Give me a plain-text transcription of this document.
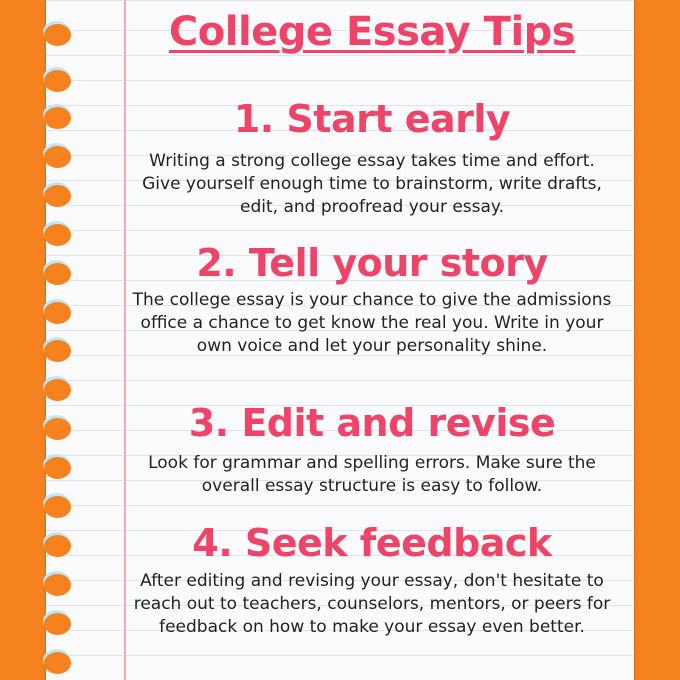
College Essay Tips
1. Start early
Writing a strong college essay takes time and effort. Give yourself enough time to brainstorm, write drafts, edit, and proofread your essay.
2. Tell your story
The college essay is your chance to give the admissions office a chance to get know the real you. Write in your own voice and let your personality shine.
3. Edit and revise
Look for grammar and spelling errors. Make sure the overall essay structure is easy to follow.
4. Seek feedback
After editing and revising your essay, don't hesitate to reach out to teachers, counselors, mentors, or peers for feedback on how to make your essay even better.
